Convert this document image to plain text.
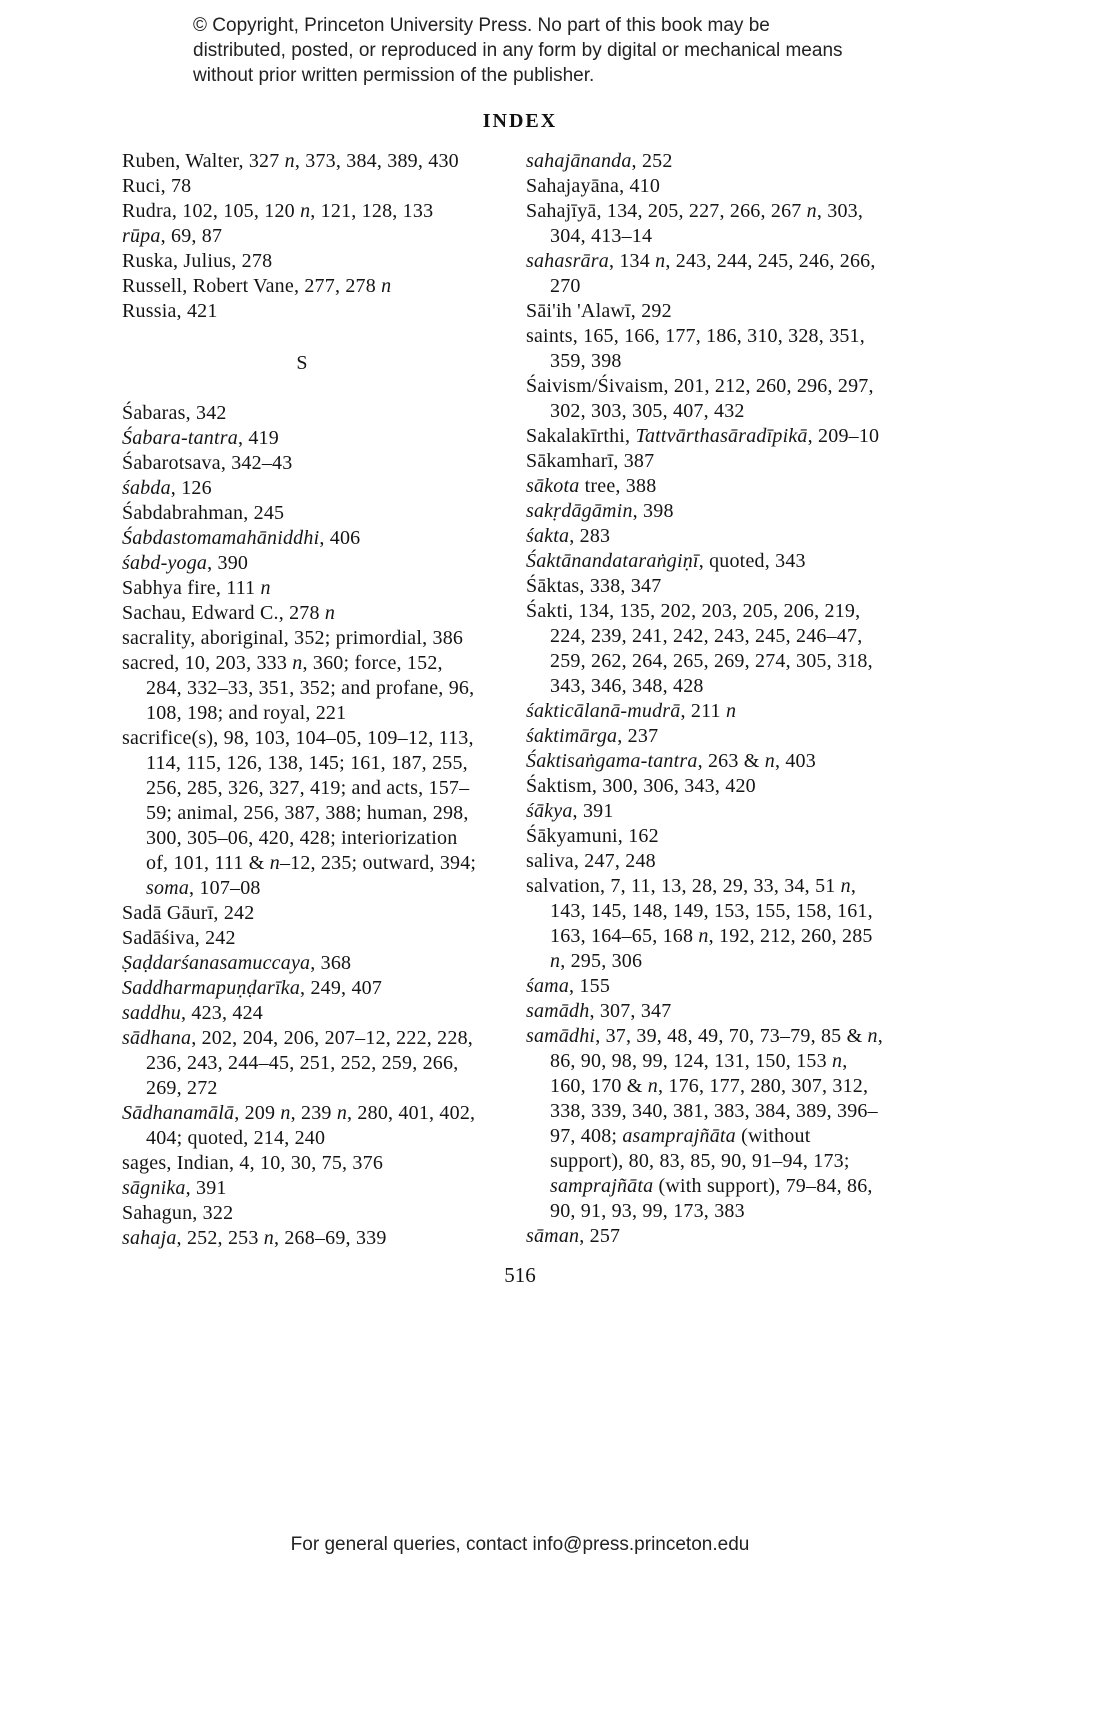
© Copyright, Princeton University Press. No part of this book may be distributed, posted, or reproduced in any form by digital or mechanical means without prior written permission of the publisher.
INDEX
Ruben, Walter, 327 n, 373, 384, 389, 430
Ruci, 78
Rudra, 102, 105, 120 n, 121, 128, 133
rūpa, 69, 87
Ruska, Julius, 278
Russell, Robert Vane, 277, 278 n
Russia, 421
S
Śabaras, 342
Śabara-tantra, 419
Śabarotsava, 342–43
śabda, 126
Śabdabrahman, 245
Śabdastomamahāniddhi, 406
śabd-yoga, 390
Sabhya fire, 111 n
Sachau, Edward C., 278 n
sacrality, aboriginal, 352; primordial, 386
sacred, 10, 203, 333 n, 360; force, 152, 284, 332–33, 351, 352; and profane, 96, 108, 198; and royal, 221
sacrifice(s), 98, 103, 104–05, 109–12, 113, 114, 115, 126, 138, 145; 161, 187, 255, 256, 285, 326, 327, 419; and acts, 157–59; animal, 256, 387, 388; human, 298, 300, 305–06, 420, 428; interiorization of, 101, 111 & n–12, 235; outward, 394; soma, 107–08
Sadā Gāurī, 242
Sadāśiva, 242
Ṣaḍdarśanasamuccaya, 368
Saddharmapuṇḍarīka, 249, 407
saddhu, 423, 424
sādhana, 202, 204, 206, 207–12, 222, 228, 236, 243, 244–45, 251, 252, 259, 266, 269, 272
Sādhanamālā, 209 n, 239 n, 280, 401, 402, 404; quoted, 214, 240
sages, Indian, 4, 10, 30, 75, 376
sāgnika, 391
Sahagun, 322
sahaja, 252, 253 n, 268–69, 339
sahajānanda, 252
Sahajayāna, 410
Sahajīyā, 134, 205, 227, 266, 267 n, 303, 304, 413–14
sahasrāra, 134 n, 243, 244, 245, 246, 266, 270
Sāi'ih 'Alawī, 292
saints, 165, 166, 177, 186, 310, 328, 351, 359, 398
Śaivism/Śivaism, 201, 212, 260, 296, 297, 302, 303, 305, 407, 432
Sakalakīrthi, Tattvārthasāradīpikā, 209–10
Sākamharī, 387
sākota tree, 388
sakṛdāgāmin, 398
śakta, 283
Śaktānandataraṅgiṇī, quoted, 343
Śāktas, 338, 347
Śakti, 134, 135, 202, 203, 205, 206, 219, 224, 239, 241, 242, 243, 245, 246–47, 259, 262, 264, 265, 269, 274, 305, 318, 343, 346, 348, 428
śakticālanā-mudrā, 211 n
śaktimārga, 237
Śaktisaṅgama-tantra, 263 & n, 403
Śaktism, 300, 306, 343, 420
śākya, 391
Śākyamuni, 162
saliva, 247, 248
salvation, 7, 11, 13, 28, 29, 33, 34, 51 n, 143, 145, 148, 149, 153, 155, 158, 161, 163, 164–65, 168 n, 192, 212, 260, 285 n, 295, 306
śama, 155
samādh, 307, 347
samādhi, 37, 39, 48, 49, 70, 73–79, 85 & n, 86, 90, 98, 99, 124, 131, 150, 153 n, 160, 170 & n, 176, 177, 280, 307, 312, 338, 339, 340, 381, 383, 384, 389, 396–97, 408; asamprajñāta (without support), 80, 83, 85, 90, 91–94, 173; samprajñāta (with support), 79–84, 86, 90, 91, 93, 99, 173, 383
sāman, 257
516
For general queries, contact info@press.princeton.edu
